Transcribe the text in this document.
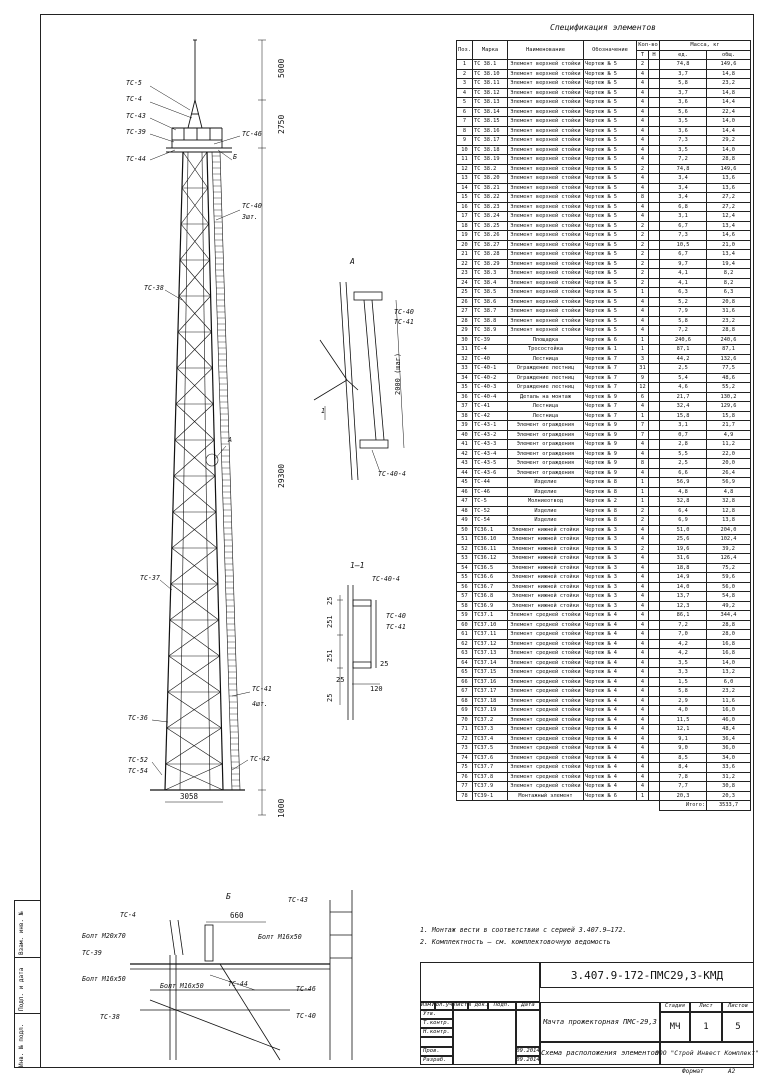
Инв. № подл.
Подп. и дата
Взам. инв. №
ТС-5
ТС-4
ТС-43
ТС-39
ТС-44
ТС-46
Б
ТС-40
3шт.
ТС-38
А
ТС-37
ТС-41
4шт.
ТС-36
ТС-52
ТС-54
ТС-42
5000
2750
29300
1000
3058
А
ТС-40
ТС-41
2000 (шаг)
1
ТС-40-4
1–1
ТС-40-4
ТС-40
ТС-41
25
251
251
25
25
25
120
Б
ТС-4
Болт М20х70
ТС-39
Болт М16х50
ТС-44
Болт М16х50
Болт М16х50
ТС-38
660
ТС-43
ТС-46
ТС-40
Спецификация элементов
Поз.	Марка	Наименование	Обозначение	Кол-во		Масса, кг	
				Т	Н	ед.	общ.
1	ТС 38.1	Элемент верхней стойки	Чертеж № 5	2		74,8	149,6
2	ТС 38.10	Элемент верхней стойки	Чертеж № 5	4		3,7	14,8
3	ТС 38.11	Элемент верхней стойки	Чертеж № 5	4		5,8	23,2
4	ТС 38.12	Элемент верхней стойки	Чертеж № 5	4		3,7	14,8
5	ТС 38.13	Элемент верхней стойки	Чертеж № 5	4		3,6	14,4
6	ТС 38.14	Элемент верхней стойки	Чертеж № 5	4		5,6	22,4
7	ТС 38.15	Элемент верхней стойки	Чертеж № 5	4		3,5	14,0
8	ТС 38.16	Элемент верхней стойки	Чертеж № 5	4		3,6	14,4
9	ТС 38.17	Элемент верхней стойки	Чертеж № 5	4		7,3	29,2
10	ТС 38.18	Элемент верхней стойки	Чертеж № 5	4		3,5	14,0
11	ТС 38.19	Элемент верхней стойки	Чертеж № 5	4		7,2	28,8
12	ТС 38.2	Элемент верхней стойки	Чертеж № 5	2		74,8	149,6
13	ТС 38.20	Элемент верхней стойки	Чертеж № 5	4		3,4	13,6
14	ТС 38.21	Элемент верхней стойки	Чертеж № 5	4		3,4	13,6
15	ТС 38.22	Элемент верхней стойки	Чертеж № 5	8		3,4	27,2
16	ТС 38.23	Элемент верхней стойки	Чертеж № 5	4		6,8	27,2
17	ТС 38.24	Элемент верхней стойки	Чертеж № 5	4		3,1	12,4
18	ТС 38.25	Элемент верхней стойки	Чертеж № 5	2		6,7	13,4
19	ТС 38.26	Элемент верхней стойки	Чертеж № 5	2		7,3	14,6
20	ТС 38.27	Элемент верхней стойки	Чертеж № 5	2		10,5	21,0
21	ТС 38.28	Элемент верхней стойки	Чертеж № 5	2		6,7	13,4
22	ТС 38.29	Элемент верхней стойки	Чертеж № 5	2		9,7	19,4
23	ТС 38.3	Элемент верхней стойки	Чертеж № 5	2		4,1	8,2
24	ТС 38.4	Элемент верхней стойки	Чертеж № 5	2		4,1	8,2
25	ТС 38.5	Элемент верхней стойки	Чертеж № 5	1		6,3	6,3
26	ТС 38.6	Элемент верхней стойки	Чертеж № 5	4		5,2	20,8
27	ТС 38.7	Элемент верхней стойки	Чертеж № 5	4		7,9	31,6
28	ТС 38.8	Элемент верхней стойки	Чертеж № 5	4		5,8	23,2
29	ТС 38.9	Элемент верхней стойки	Чертеж № 5	4		7,2	28,8
30	ТС-39	Площадка	Чертеж № 6	1		240,6	240,6
31	ТС-4	Тросостойка	Чертеж № 1	1		87,1	87,1
32	ТС-40	Лестница	Чертеж № 7	3		44,2	132,6
33	ТС-40-1	Ограждение лестниц	Чертеж № 7	31		2,5	77,5
34	ТС-40-2	Ограждение лестниц	Чертеж № 7	9		5,4	48,6
35	ТС-40-3	Ограждение лестниц	Чертеж № 7	12		4,6	55,2
36	ТС-40-4	Деталь на монтаж	Чертеж № 9	6		21,7	130,2
37	ТС-41	Лестница	Чертеж № 7	4		32,4	129,6
38	ТС-42	Лестница	Чертеж № 7	1		15,8	15,8
39	ТС-43-1	Элемент ограждения	Чертеж № 9	7		3,1	21,7
40	ТС-43-2	Элемент ограждения	Чертеж № 9	7		0,7	4,9
41	ТС-43-3	Элемент ограждения	Чертеж № 9	4		2,8	11,2
42	ТС-43-4	Элемент ограждения	Чертеж № 9	4		5,5	22,0
43	ТС-43-5	Элемент ограждения	Чертеж № 9	8		2,5	20,0
44	ТС-43-6	Элемент ограждения	Чертеж № 9	4		6,6	26,4
45	ТС-44	Изделие	Чертеж № 8	1		56,9	56,9
46	ТС-46	Изделие	Чертеж № 8	1		4,8	4,8
47	ТС-5	Молниеотвод	Чертеж № 2	1		32,8	32,8
48	ТС-52	Изделие	Чертеж № 8	2		6,4	12,8
49	ТС-54	Изделие	Чертеж № 8	2		6,9	13,8
50	ТС36.1	Элемент нижней стойки	Чертеж № 3	4		51,0	204,0
51	ТС36.10	Элемент нижней стойки	Чертеж № 3	4		25,6	102,4
52	ТС36.11	Элемент нижней стойки	Чертеж № 3	2		19,6	39,2
53	ТС36.12	Элемент нижней стойки	Чертеж № 3	4		31,6	126,4
54	ТС36.5	Элемент нижней стойки	Чертеж № 3	4		18,8	75,2
55	ТС36.6	Элемент нижней стойки	Чертеж № 3	4		14,9	59,6
56	ТС36.7	Элемент нижней стойки	Чертеж № 3	4		14,0	56,0
57	ТС36.8	Элемент нижней стойки	Чертеж № 3	4		13,7	54,8
58	ТС36.9	Элемент нижней стойки	Чертеж № 3	4		12,3	49,2
59	ТС37.1	Элемент средней стойки	Чертеж № 4	4		86,1	344,4
60	ТС37.10	Элемент средней стойки	Чертеж № 4	4		7,2	28,8
61	ТС37.11	Элемент средней стойки	Чертеж № 4	4		7,0	28,0
62	ТС37.12	Элемент средней стойки	Чертеж № 4	4		4,2	16,8
63	ТС37.13	Элемент средней стойки	Чертеж № 4	4		4,2	16,8
64	ТС37.14	Элемент средней стойки	Чертеж № 4	4		3,5	14,0
65	ТС37.15	Элемент средней стойки	Чертеж № 4	4		3,3	13,2
66	ТС37.16	Элемент средней стойки	Чертеж № 4	4		1,5	6,0
67	ТС37.17	Элемент средней стойки	Чертеж № 4	4		5,8	23,2
68	ТС37.18	Элемент средней стойки	Чертеж № 4	4		2,9	11,6
69	ТС37.19	Элемент средней стойки	Чертеж № 4	4		4,0	16,0
70	ТС37.2	Элемент средней стойки	Чертеж № 4	4		11,5	46,0
71	ТС37.3	Элемент средней стойки	Чертеж № 4	4		12,1	48,4
72	ТС37.4	Элемент средней стойки	Чертеж № 4	4		9,1	36,4
73	ТС37.5	Элемент средней стойки	Чертеж № 4	4		9,0	36,0
74	ТС37.6	Элемент средней стойки	Чертеж № 4	4		8,5	34,0
75	ТС37.7	Элемент средней стойки	Чертеж № 4	4		8,4	33,6
76	ТС37.8	Элемент средней стойки	Чертеж № 4	4		7,8	31,2
77	ТС37.9	Элемент средней стойки	Чертеж № 4	4		7,7	30,8
78	ТС39-1	Монтажный элемент	Чертеж № 6	1		20,3	20,3
						Итого:	3533,7
1. Монтаж вести в соответствии с серией 3.407.9–172.
2. Комплектность – см. комплектовочную ведомость
3.407.9-172-ПМС29,3-КМД
Изм.
Кол.уч.
Лист N док. Подп.	Дата
Утв.
Т.контр.
Н.контр.
Пров.
Разраб.
09.2014
09.2014
Мачта прожекторная ПМС-29,3
Схема расположения элементов
Стадия	Лист	Листов
МЧ	1	5
ООО "Строй Инвест Комплект"
Формат	А2
